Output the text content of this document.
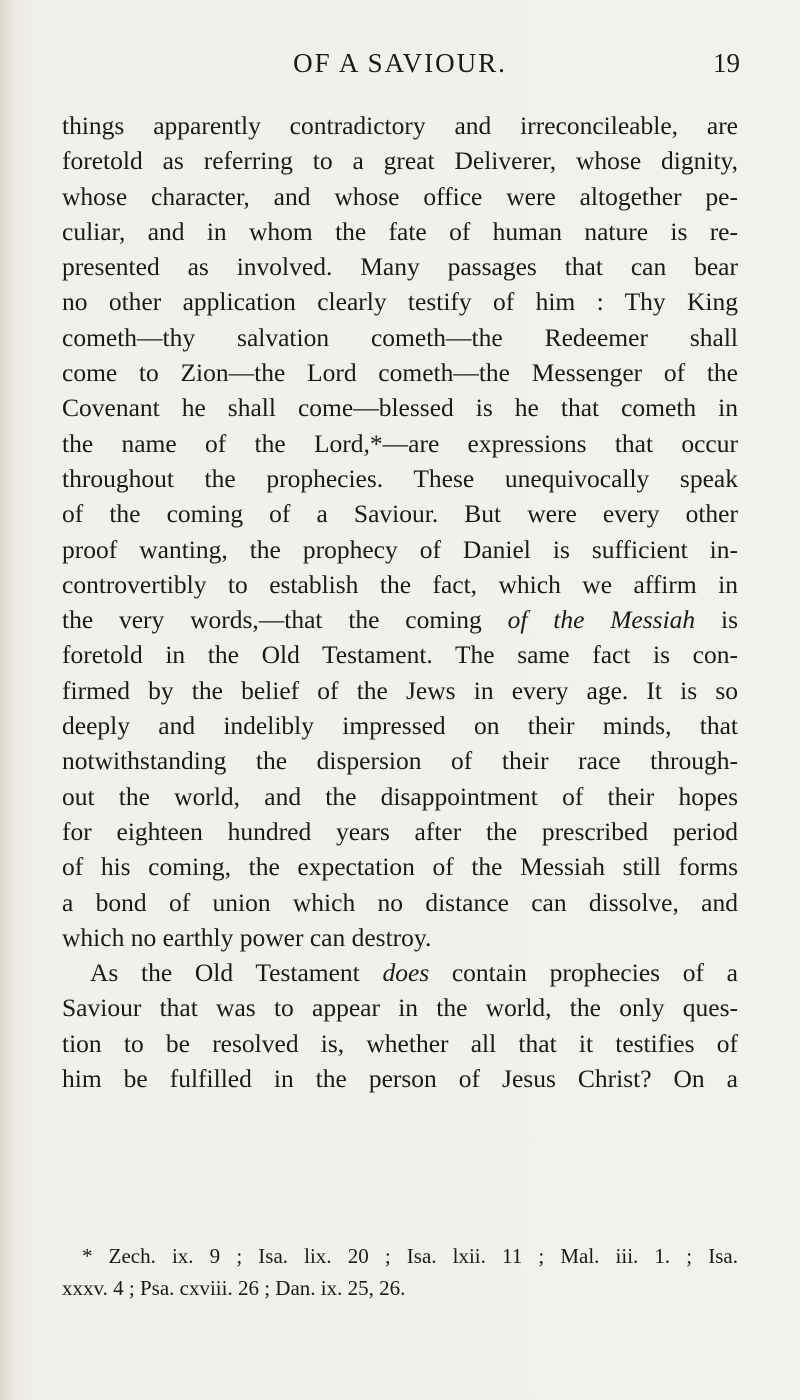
OF A SAVIOUR.	19
things apparently contradictory and irreconcileable, are
foretold as referring to a great Deliverer, whose dignity,
whose character, and whose office were altogether pe-
culiar, and in whom the fate of human nature is re-
presented as involved. Many passages that can bear
no other application clearly testify of him : Thy King
cometh—thy salvation cometh—the Redeemer shall
come to Zion—the Lord cometh—the Messenger of the
Covenant he shall come—blessed is he that cometh in
the name of the Lord,*—are expressions that occur
throughout the prophecies. These unequivocally speak
of the coming of a Saviour. But were every other
proof wanting, the prophecy of Daniel is sufficient in-
controvertibly to establish the fact, which we affirm in
the very words,—that the coming of the Messiah is
foretold in the Old Testament. The same fact is con-
firmed by the belief of the Jews in every age. It is so
deeply and indelibly impressed on their minds, that
notwithstanding the dispersion of their race through-
out the world, and the disappointment of their hopes
for eighteen hundred years after the prescribed period
of his coming, the expectation of the Messiah still forms
a bond of union which no distance can dissolve, and
which no earthly power can destroy.
As the Old Testament does contain prophecies of a
Saviour that was to appear in the world, the only ques-
tion to be resolved is, whether all that it testifies of
him be fulfilled in the person of Jesus Christ? On a
* Zech. ix. 9 ; Isa. lix. 20 ; Isa. lxii. 11 ; Mal. iii. 1. ; Isa.
xxxv. 4 ; Psa. cxviii. 26 ; Dan. ix. 25, 26.
